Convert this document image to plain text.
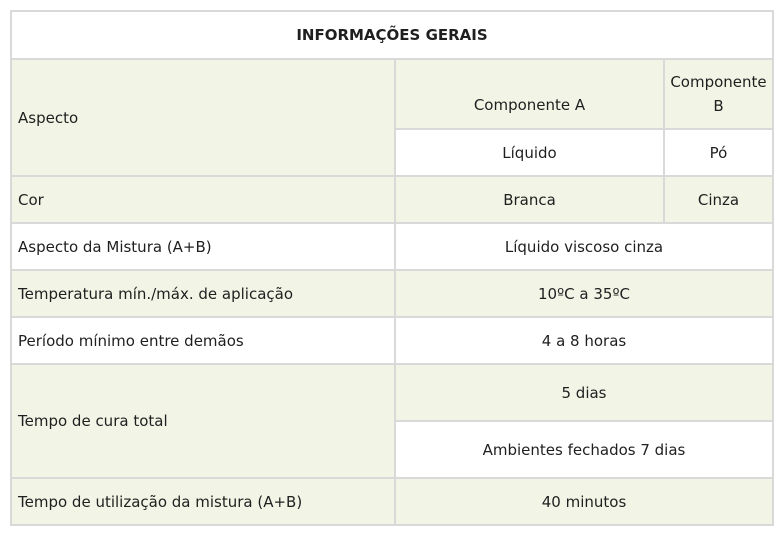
INFORMAÇÕES GERAIS		
Aspecto	Componente A	Componente B
	Líquido	Pó
Cor	Branca	Cinza
Aspecto da Mistura (A+B)	Líquido viscoso cinza	
Temperatura mín./máx. de aplicação	10ºC a 35ºC	
Período mínimo entre demãos	4 a 8 horas	
Tempo de cura total	5 dias	
	Ambientes fechados 7 dias	
Tempo de utilização da mistura (A+B)	40 minutos	
